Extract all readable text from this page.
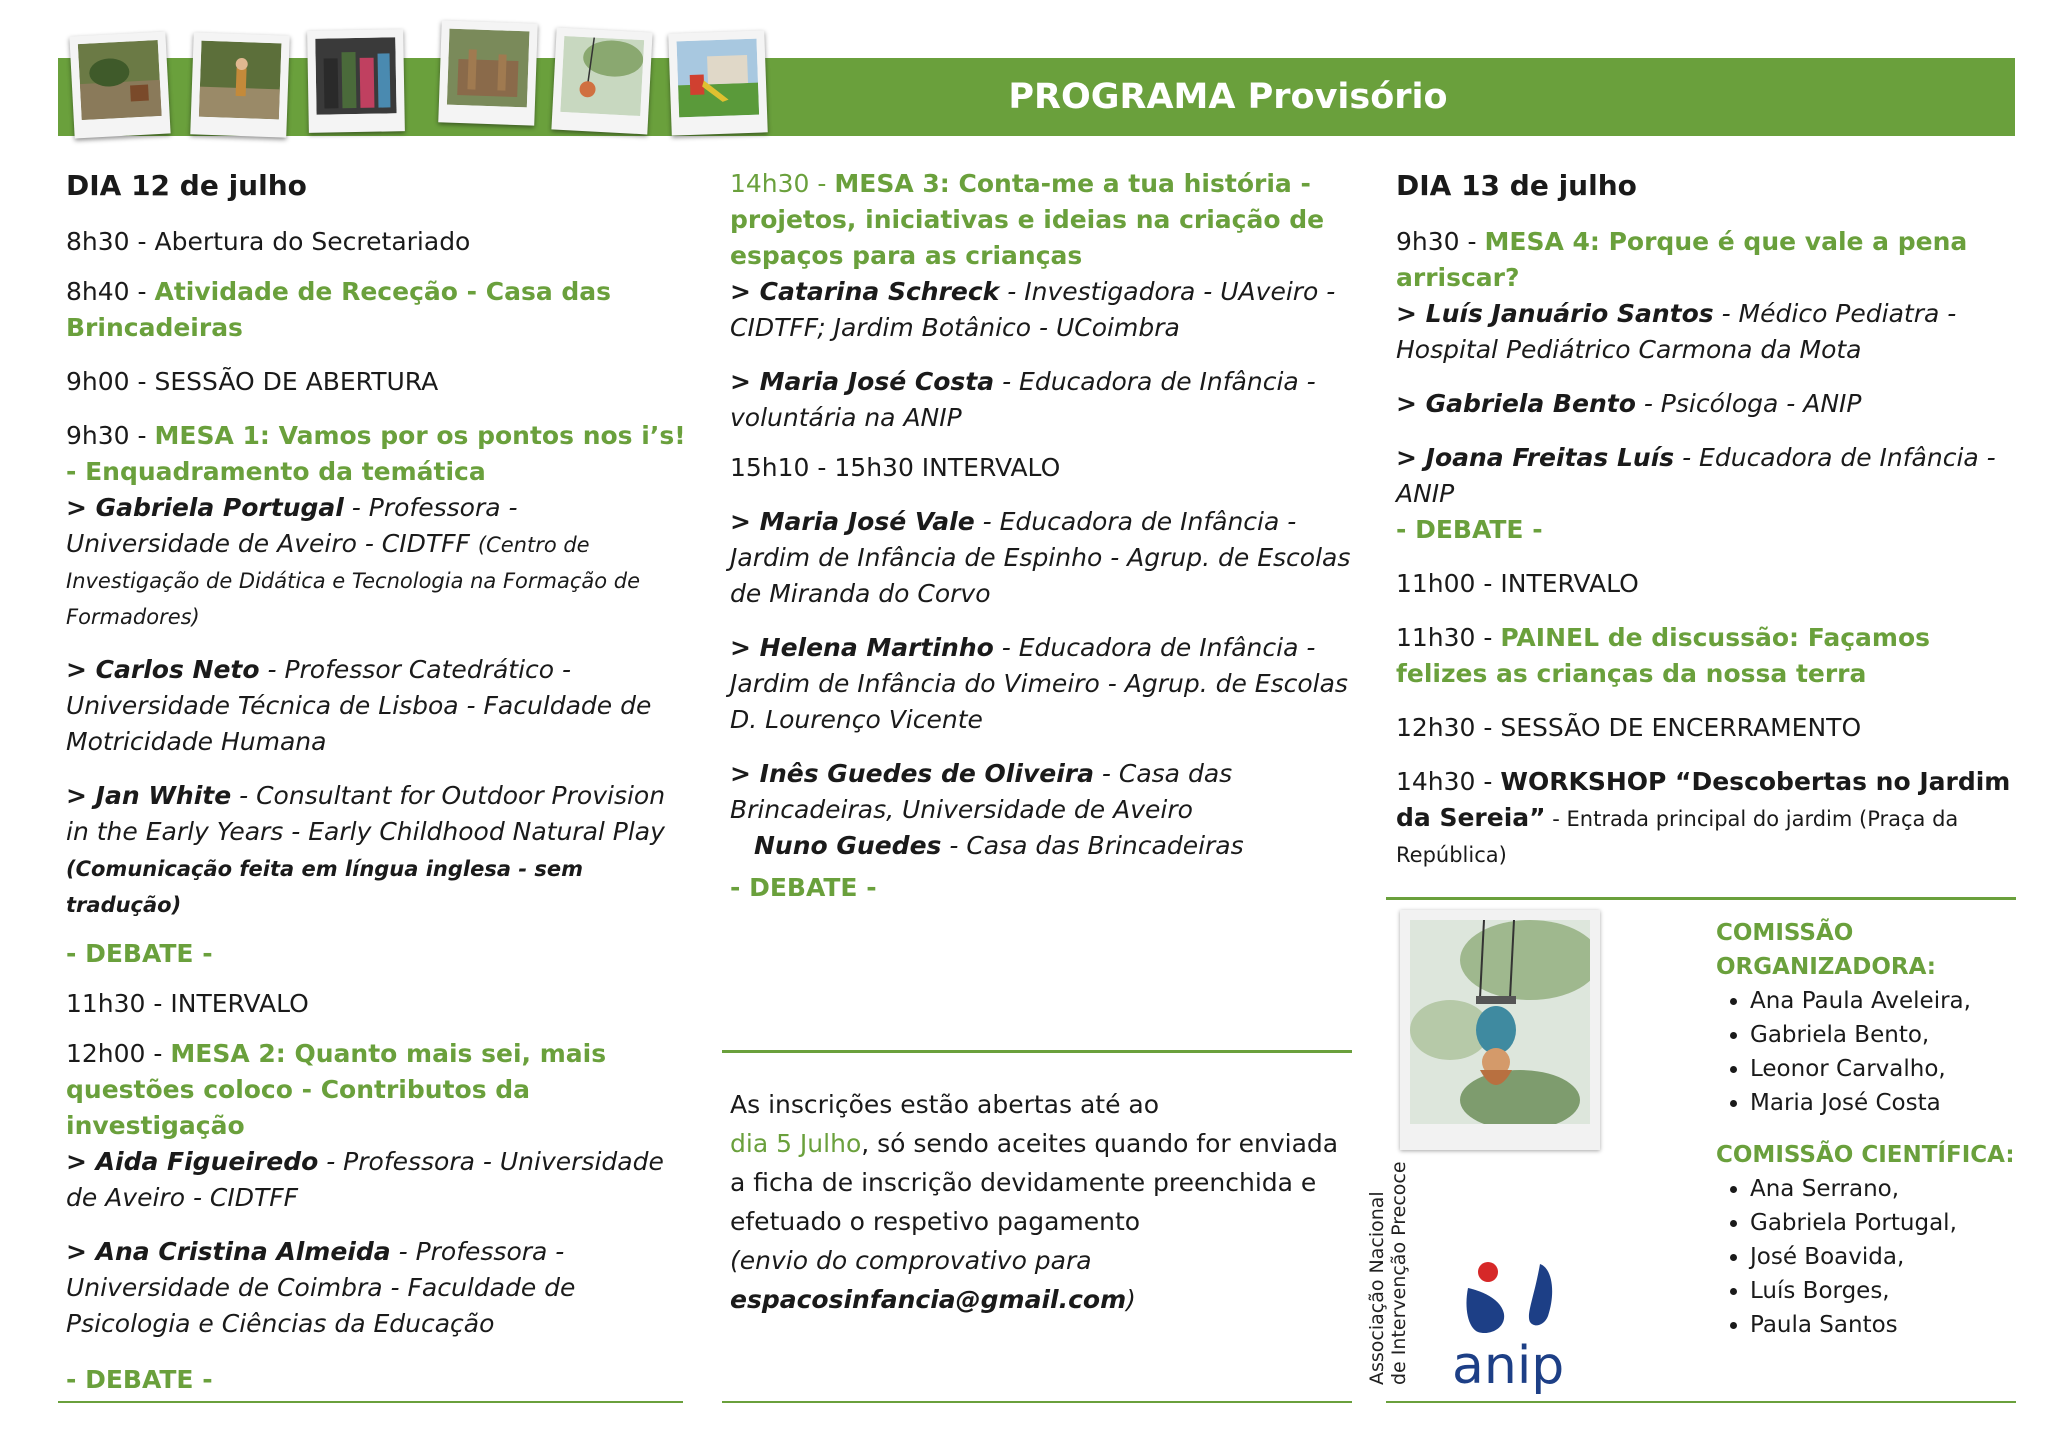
PROGRAMA Provisório

DIA 12 de julho

8h30 - Abertura do Secretariado

8h40 - Atividade de Receção - Casa das Brincadeiras

9h00 - SESSÃO DE ABERTURA

9h30 - MESA 1: Vamos por os pontos nos i’s! - Enquadramento da temática

> Gabriela Portugal - Professora - Universidade de Aveiro - CIDTFF (Centro de Investigação de Didática e Tecnologia na Formação de Formadores)

> Carlos Neto - Professor Catedrático - Universidade Técnica de Lisboa - Faculdade de Motricidade Humana

> Jan White - Consultant for Outdoor Provision in the Early Years - Early Childhood Natural Play (Comunicação feita em língua inglesa - sem tradução)

- DEBATE -

11h30 - INTERVALO

12h00 - MESA 2: Quanto mais sei, mais questões coloco - Contributos da investigação

> Aida Figueiredo - Professora - Universidade de Aveiro - CIDTFF

> Ana Cristina Almeida - Professora - Universidade de Coimbra - Faculdade de Psicologia e Ciências da Educação

- DEBATE -

14h30 - MESA 3: Conta-me a tua história - projetos, iniciativas e ideias na criação de espaços para as crianças

> Catarina Schreck - Investigadora - UAveiro - CIDTFF; Jardim Botânico - UCoimbra

> Maria José Costa - Educadora de Infância - voluntária na ANIP

15h10 - 15h30 INTERVALO

> Maria José Vale - Educadora de Infância - Jardim de Infância de Espinho - Agrup. de Escolas de Miranda do Corvo

> Helena Martinho - Educadora de Infância - Jardim de Infância do Vimeiro - Agrup. de Escolas D. Lourenço Vicente

> Inês Guedes de Oliveira - Casa das Brincadeiras, Universidade de Aveiro

Nuno Guedes - Casa das Brincadeiras

- DEBATE -

As inscrições estão abertas até ao

dia 5 Julho, só sendo aceites quando for enviada a ficha de inscrição devidamente preenchida e efetuado o respetivo pagamento

(envio do comprovativo para

espacosinfancia@gmail.com)

DIA 13 de julho

9h30 - MESA 4: Porque é que vale a pena arriscar?

> Luís Januário Santos - Médico Pediatra - Hospital Pediátrico Carmona da Mota

> Gabriela Bento - Psicóloga - ANIP

> Joana Freitas Luís - Educadora de Infância - ANIP

- DEBATE -

11h00 - INTERVALO

11h30 - PAINEL de discussão: Façamos felizes as crianças da nossa terra

12h30 - SESSÃO DE ENCERRAMENTO

14h30 - WORKSHOP “Descobertas no Jardim da Sereia” - Entrada principal do jardim (Praça da República)

Associação Nacional de Intervenção Precoce anip

COMISSÃO ORGANIZADORA:

• Ana Paula Aveleira,
• Gabriela Bento,
• Leonor Carvalho,
• Maria José Costa

COMISSÃO CIENTÍFICA:

• Ana Serrano,
• Gabriela Portugal,
• José Boavida,
• Luís Borges,
• Paula Santos
